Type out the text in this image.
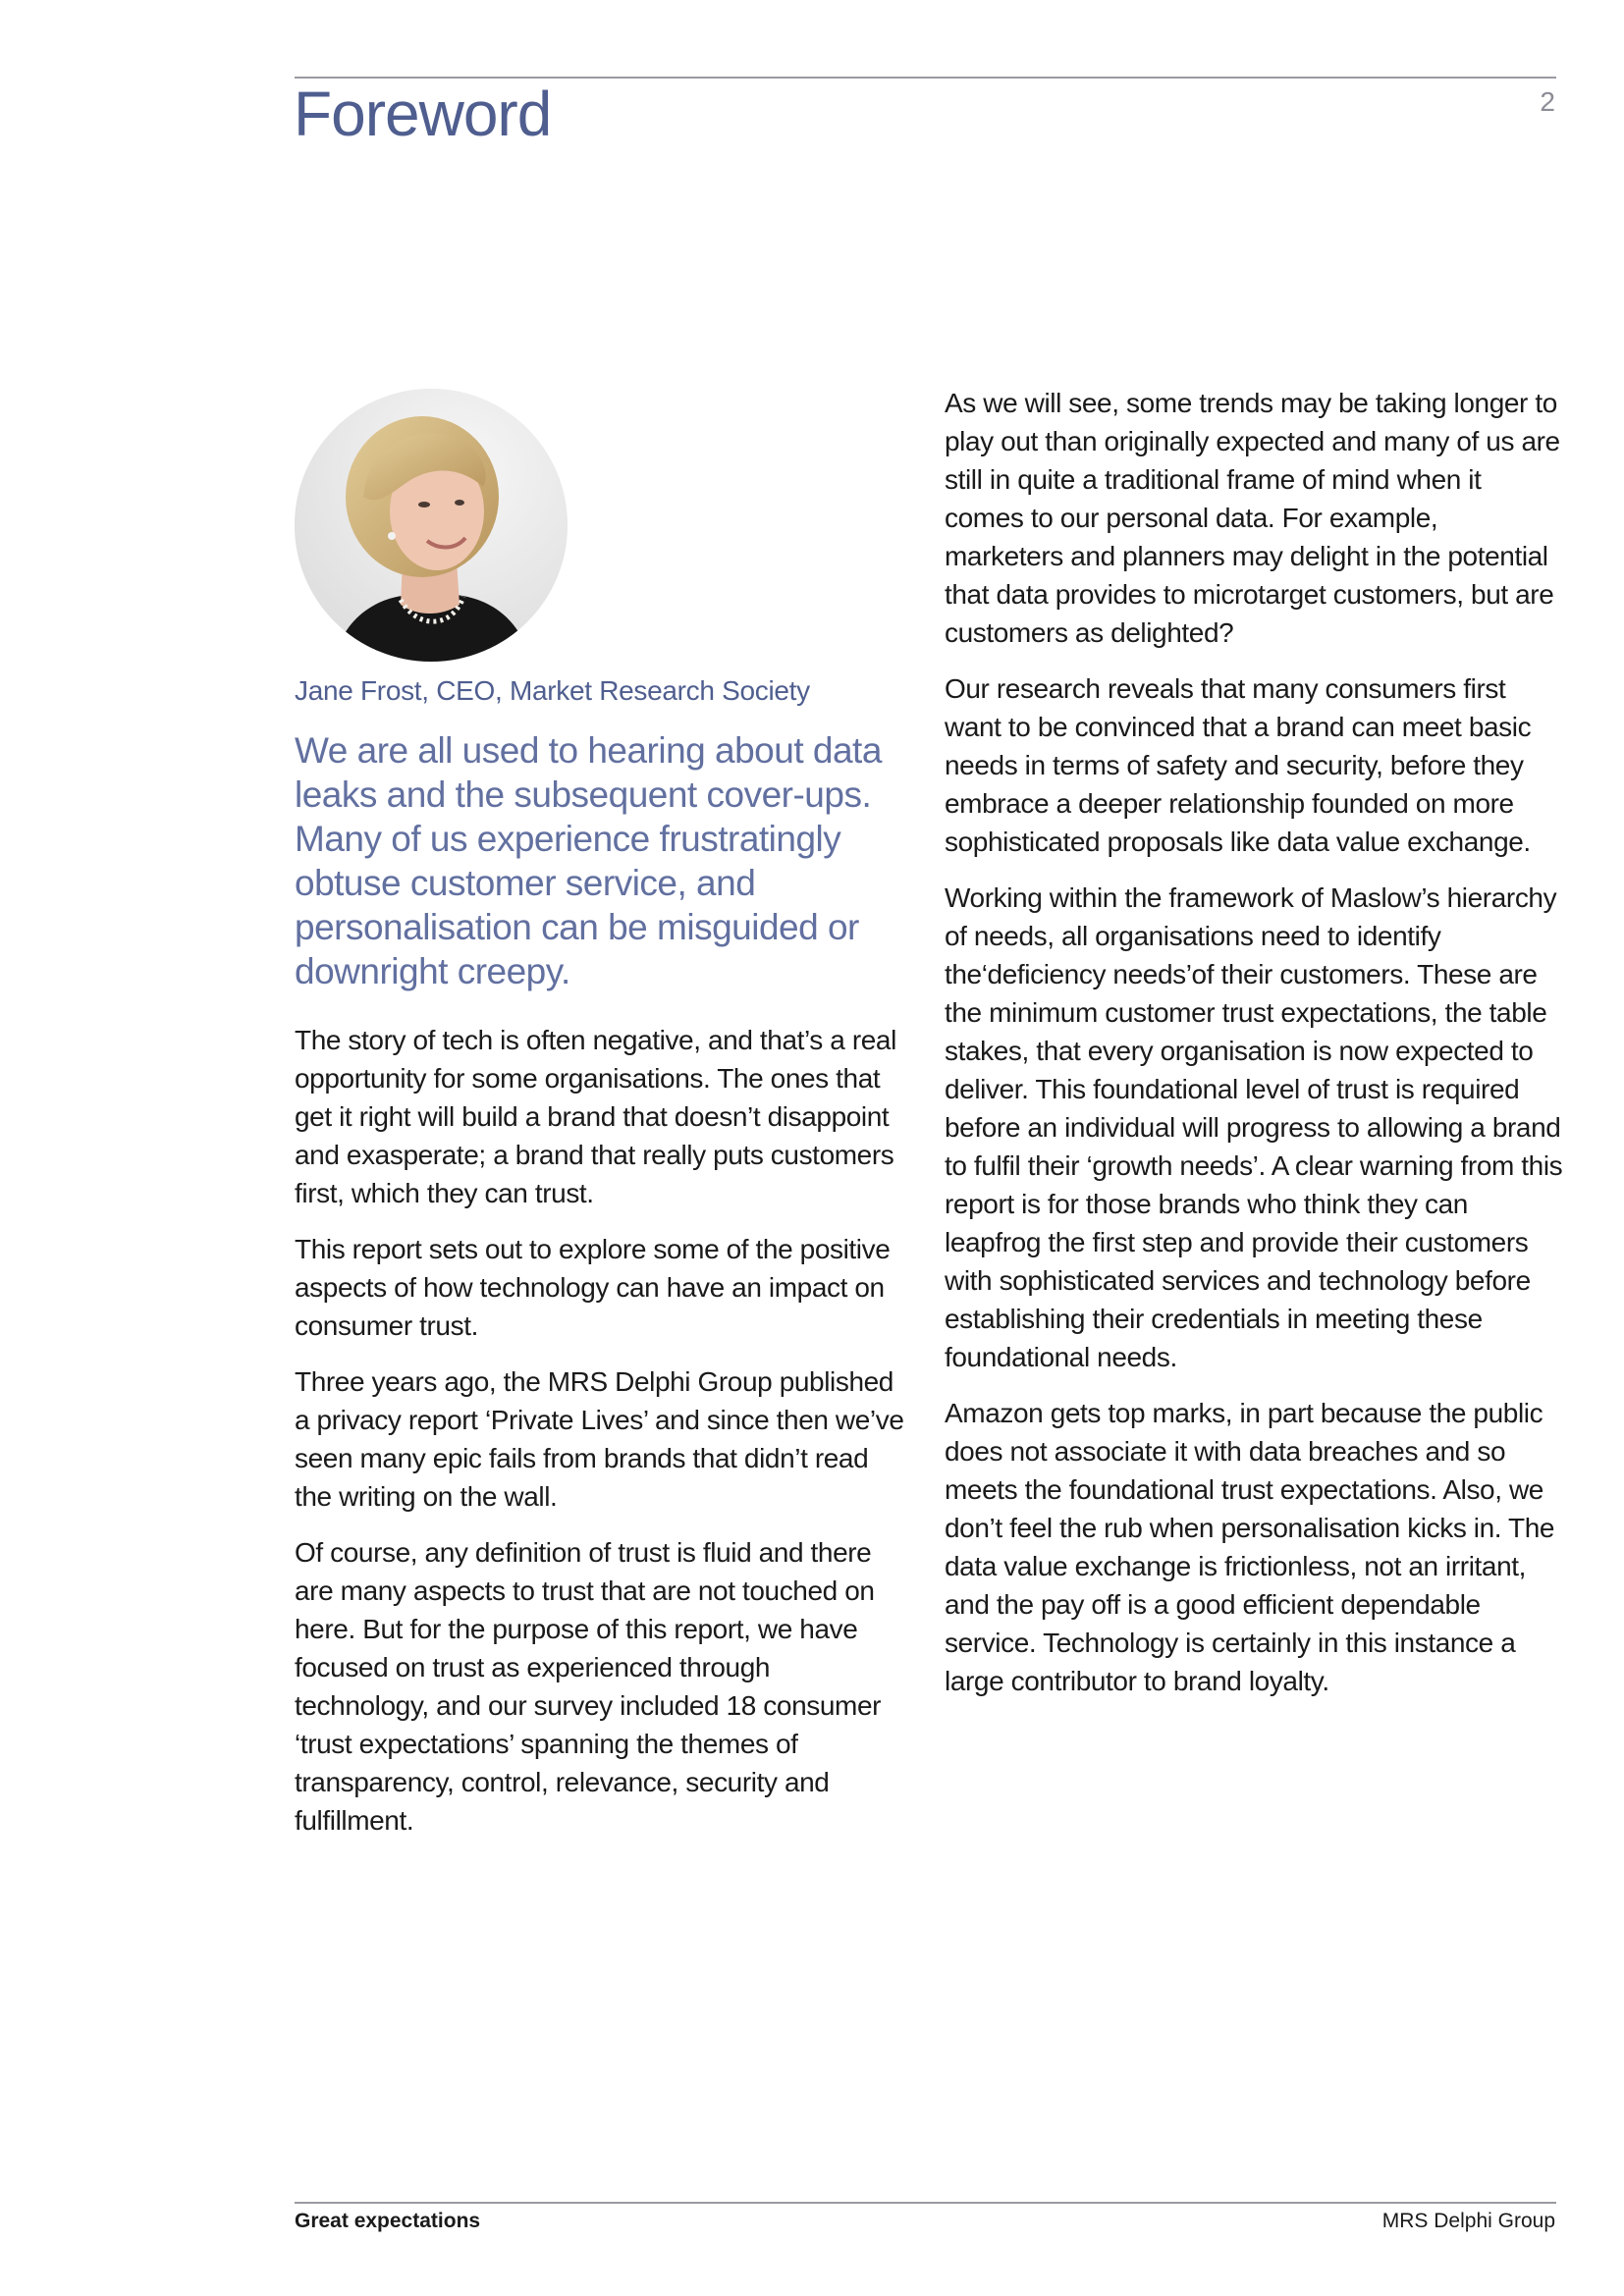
Foreword	2

Jane Frost, CEO, Market Research Society

We are all used to hearing about data leaks and the subsequent cover-ups. Many of us experience frustratingly obtuse customer service, and personalisation can be misguided or downright creepy.

The story of tech is often negative, and that’s a real opportunity for some organisations. The ones that get it right will build a brand that doesn’t disappoint and exasperate; a brand that really puts customers first, which they can trust.

This report sets out to explore some of the positive aspects of how technology can have an impact on consumer trust.

Three years ago, the MRS Delphi Group published a privacy report ‘Private Lives’ and since then we’ve seen many epic fails from brands that didn’t read the writing on the wall.

Of course, any definition of trust is fluid and there are many aspects to trust that are not touched on here. But for the purpose of this report, we have focused on trust as experienced through technology, and our survey included 18 consumer ‘trust expectations’ spanning the themes of transparency, control, relevance, security and fulfillment.

As we will see, some trends may be taking longer to play out than originally expected and many of us are still in quite a traditional frame of mind when it comes to our personal data. For example, marketers and planners may delight in the potential that data provides to microtarget customers, but are customers as delighted?

Our research reveals that many consumers first want to be convinced that a brand can meet basic needs in terms of safety and security, before they embrace a deeper relationship founded on more sophisticated proposals like data value exchange.

Working within the framework of Maslow’s hierarchy of needs, all organisations need to identify the‘deficiency needs’of their customers. These are the minimum customer trust expectations, the table stakes, that every organisation is now expected to deliver. This foundational level of trust is required before an individual will progress to allowing a brand to fulfil their ‘growth needs’. A clear warning from this report is for those brands who think they can leapfrog the first step and provide their customers with sophisticated services and technology before establishing their credentials in meeting these foundational needs.

Amazon gets top marks, in part because the public does not associate it with data breaches and so meets the foundational trust expectations. Also, we don’t feel the rub when personalisation kicks in. The data value exchange is frictionless, not an irritant, and the pay off is a good efficient dependable service. Technology is certainly in this instance a large contributor to brand loyalty.

Great expectations	MRS Delphi Group
